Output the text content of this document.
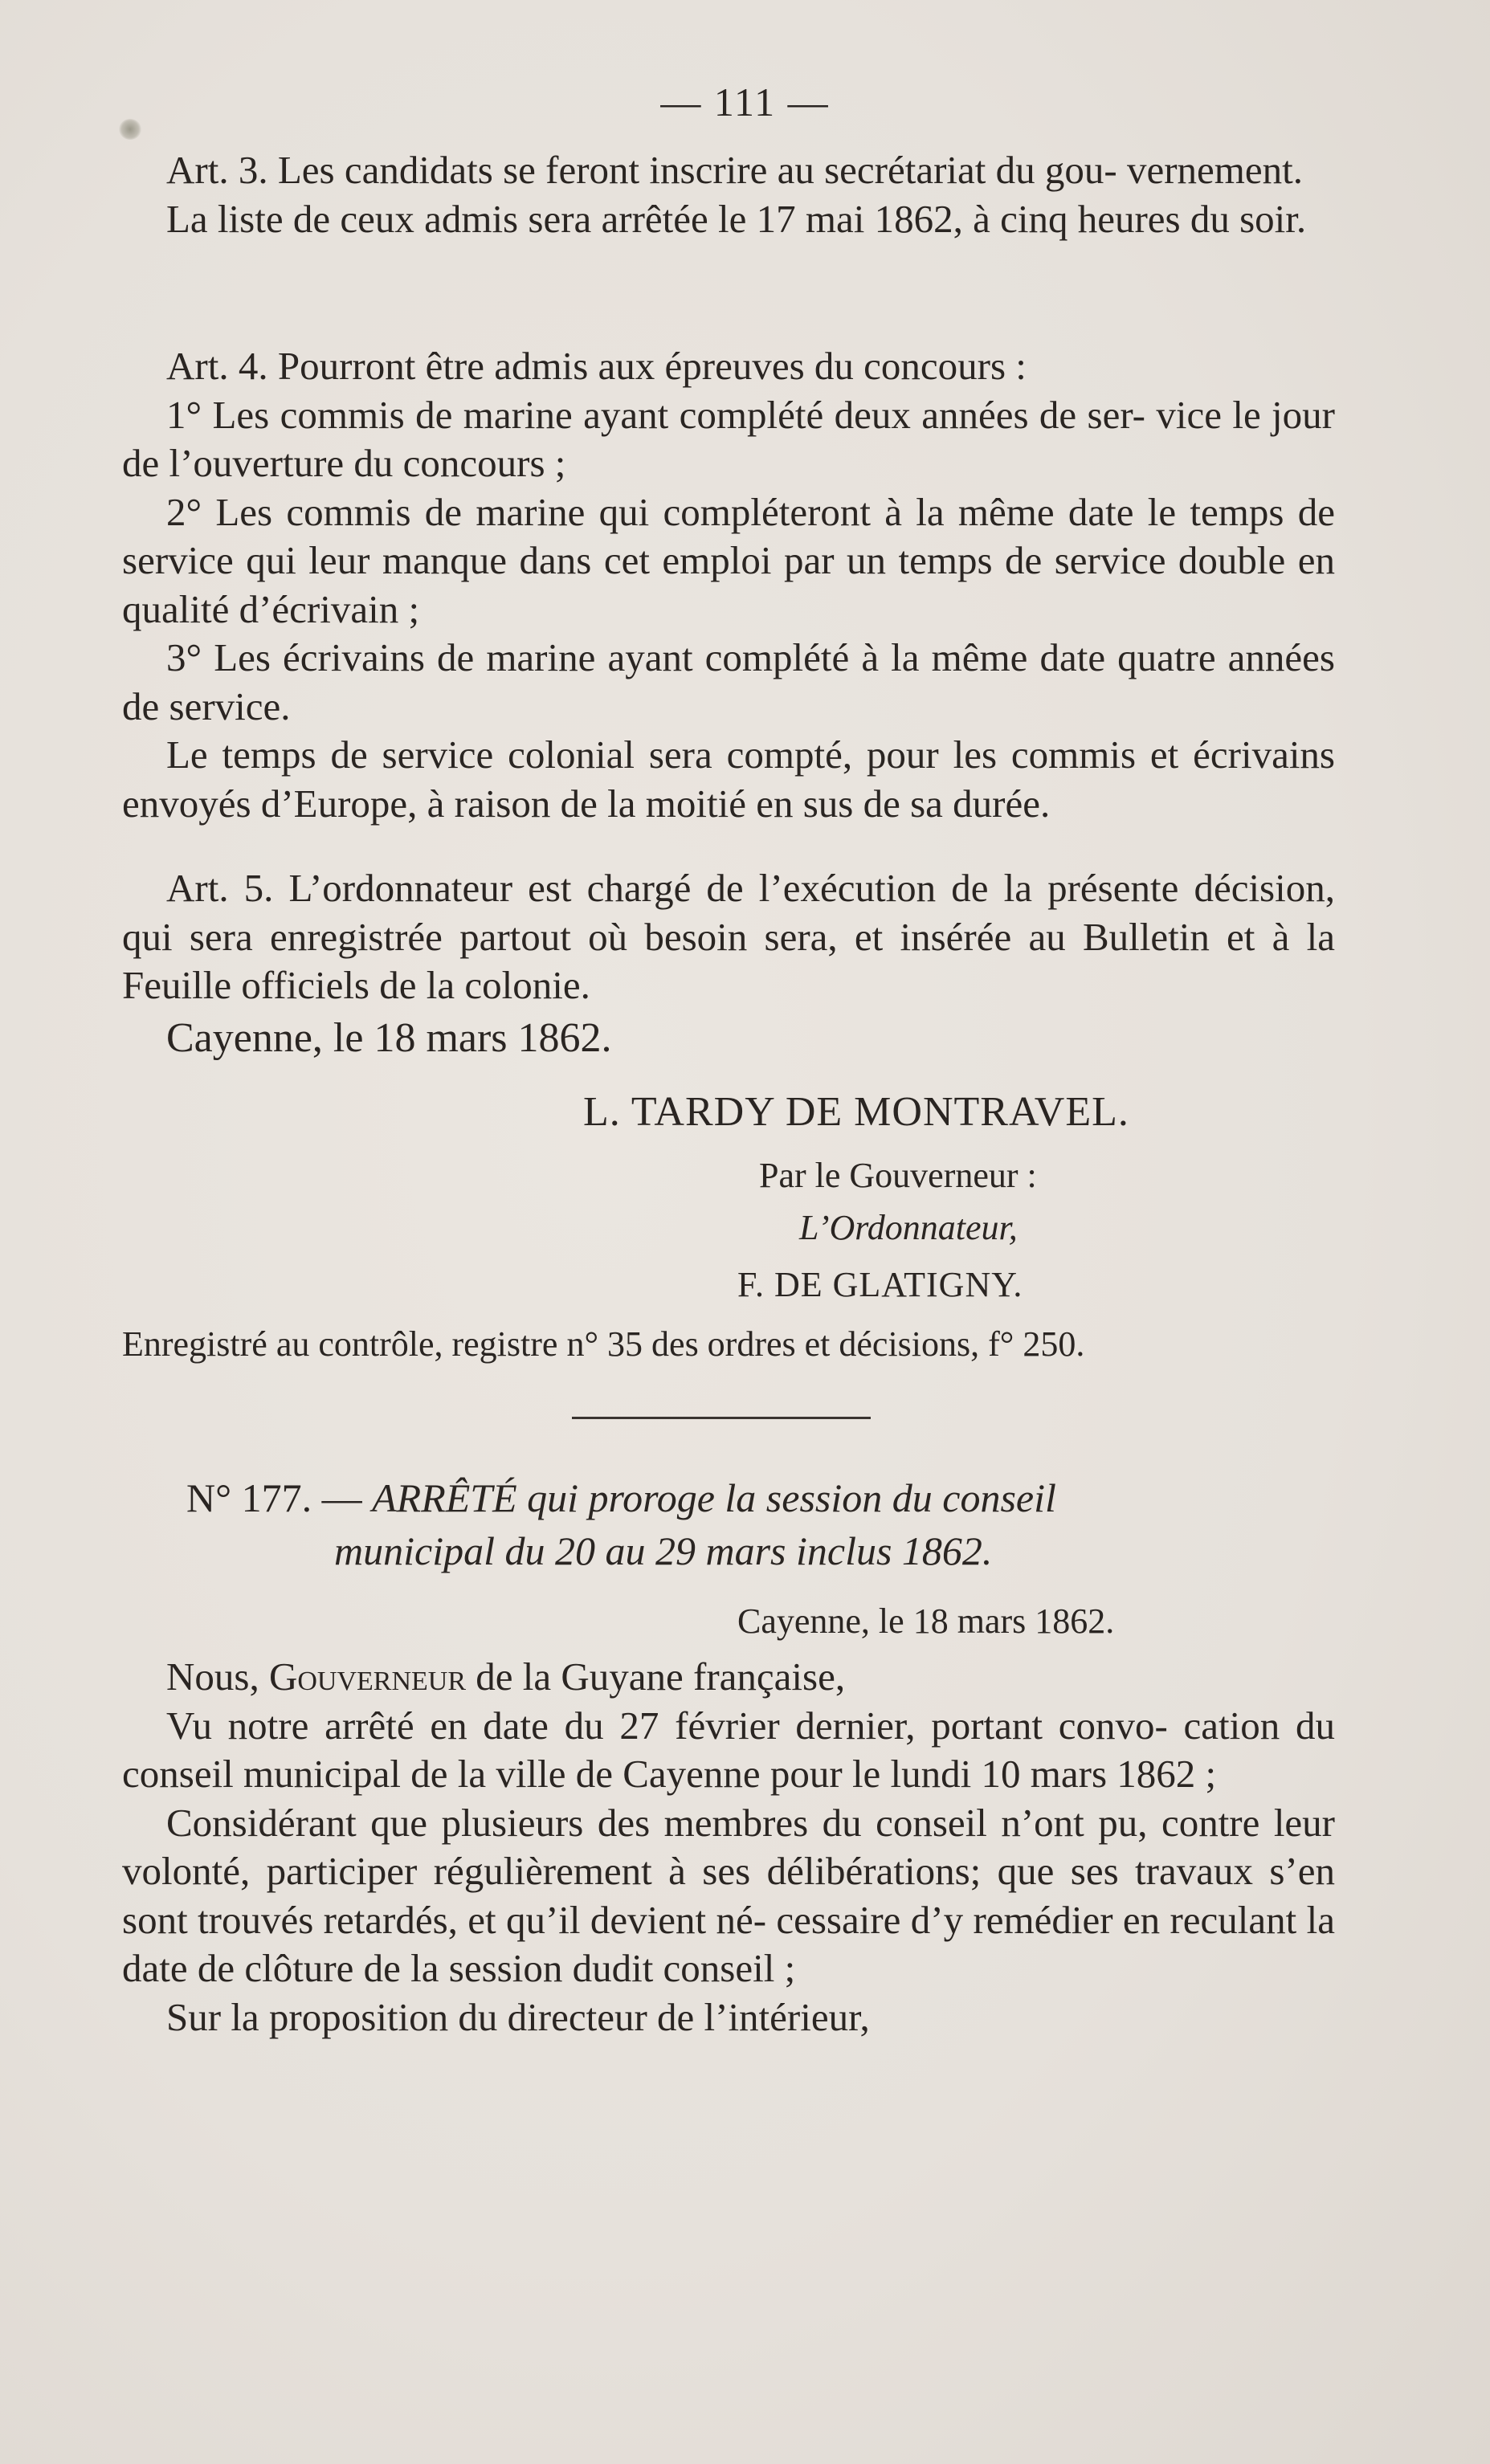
— 111 —

Art. 3. Les candidats se feront inscrire au secrétariat du gou- vernement.

La liste de ceux admis sera arrêtée le 17 mai 1862, à cinq heures du soir.

Art. 4. Pourront être admis aux épreuves du concours :

1° Les commis de marine ayant complété deux années de ser- vice le jour de l’ouverture du concours ;

2° Les commis de marine qui compléteront à la même date le temps de service qui leur manque dans cet emploi par un temps de service double en qualité d’écrivain ;

3° Les écrivains de marine ayant complété à la même date quatre années de service.

Le temps de service colonial sera compté, pour les commis et écrivains envoyés d’Europe, à raison de la moitié en sus de sa durée.

Art. 5. L’ordonnateur est chargé de l’exécution de la présente décision, qui sera enregistrée partout où besoin sera, et insérée au Bulletin et à la Feuille officiels de la colonie.

Cayenne, le 18 mars 1862.
L. TARDY DE MONTRAVEL.
Par le Gouverneur :
L’Ordonnateur,
F. DE GLATIGNY.
Enregistré au contrôle, registre n° 35 des ordres et décisions, f° 250.
N° 177. — ARRÊTÉ qui proroge la session du conseil
municipal du 20 au 29 mars inclus 1862.
Cayenne, le 18 mars 1862.

Nous, Gouverneur de la Guyane française,

Vu notre arrêté en date du 27 février dernier, portant convo- cation du conseil municipal de la ville de Cayenne pour le lundi 10 mars 1862 ;

Considérant que plusieurs des membres du conseil n’ont pu, contre leur volonté, participer régulièrement à ses délibérations; que ses travaux s’en sont trouvés retardés, et qu’il devient né- cessaire d’y remédier en reculant la date de clôture de la session dudit conseil ;

Sur la proposition du directeur de l’intérieur,
